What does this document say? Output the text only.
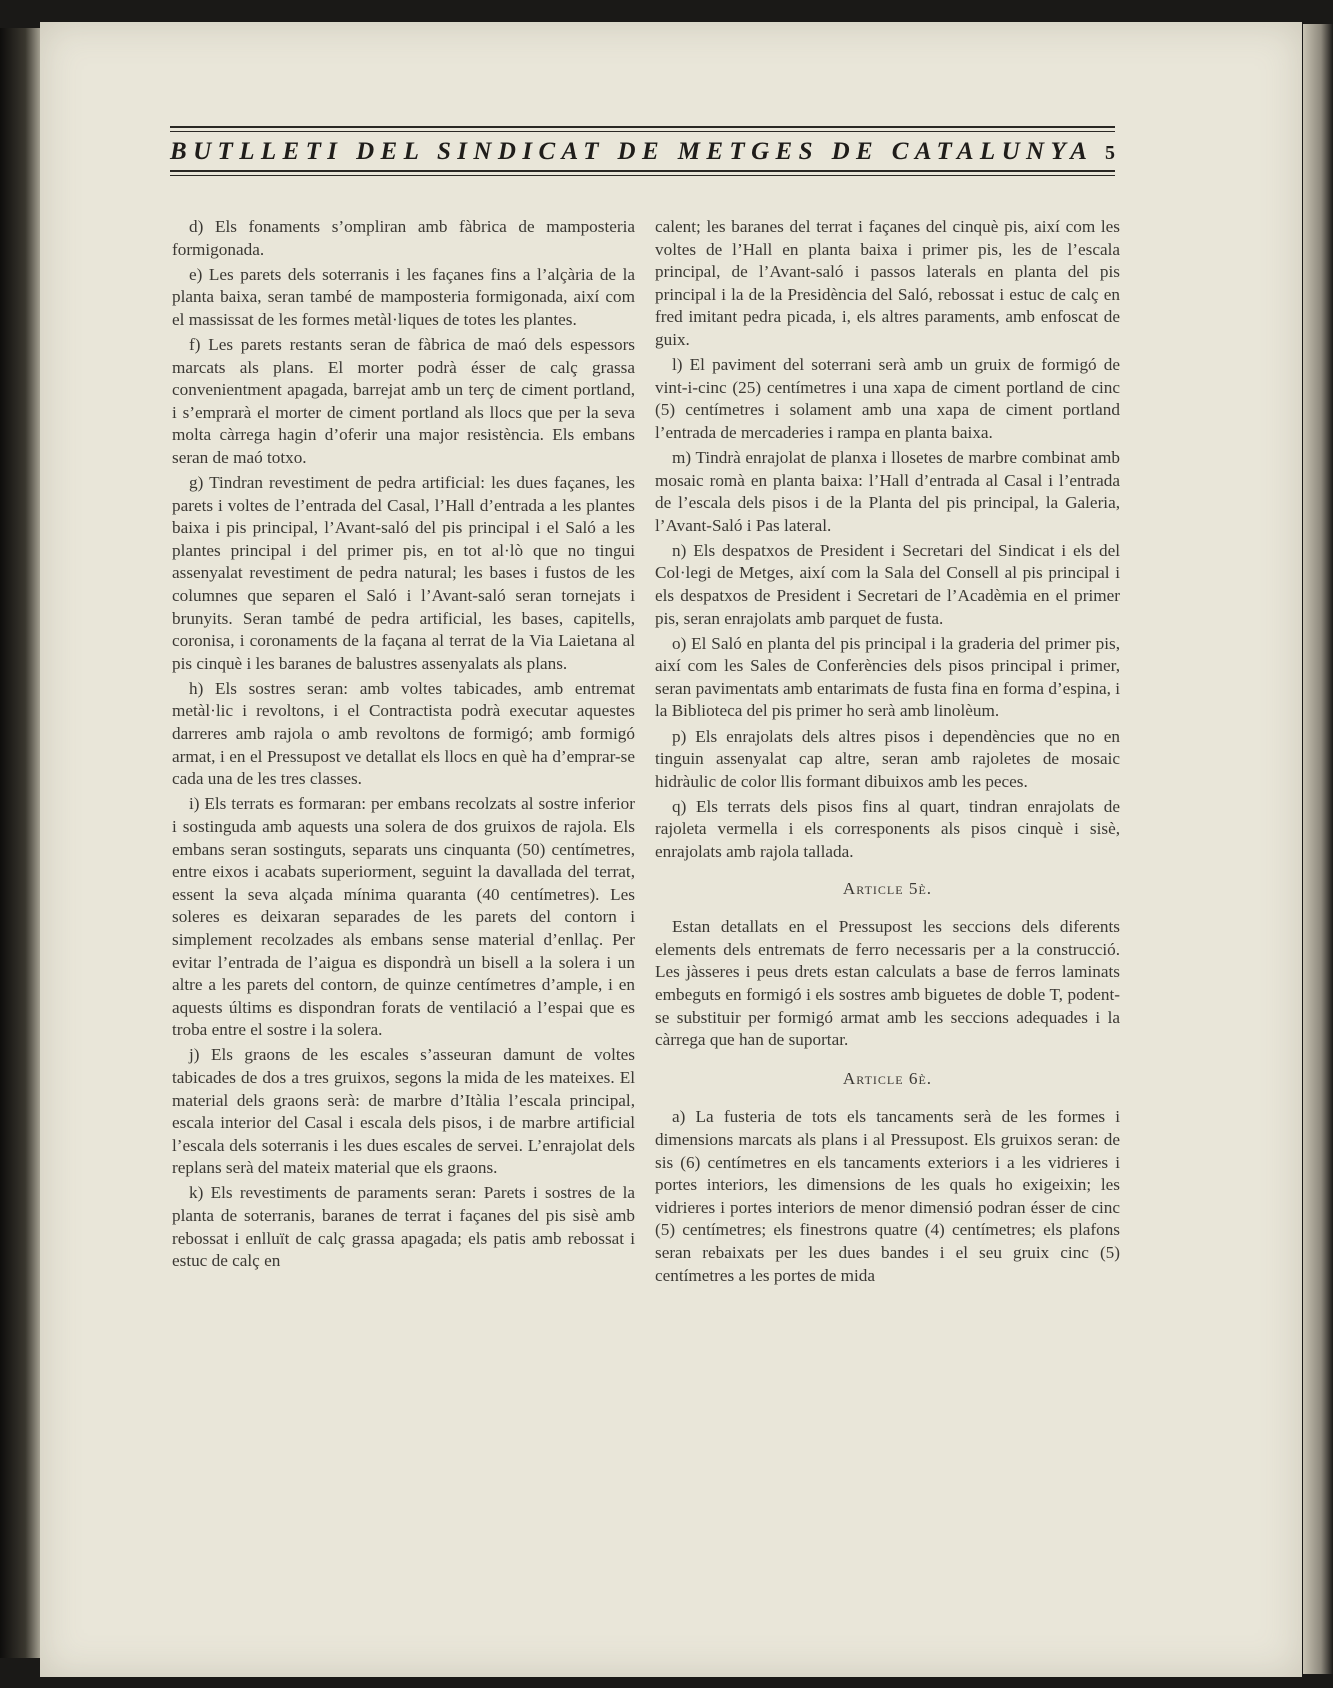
BUTLLETI DEL SINDICAT DE METGES DE CATALUNYA 5

d) Els fonaments s’ompliran amb fàbrica de mamposteria formigonada.

e) Les parets dels soterranis i les façanes fins a l’alçària de la planta baixa, seran també de mamposteria formigonada, així com el massissat de les formes metàl·liques de totes les plantes.

f) Les parets restants seran de fàbrica de maó dels espessors marcats als plans. El morter podrà ésser de calç grassa convenientment apagada, barrejat amb un terç de ciment portland, i s’emprarà el morter de ciment portland als llocs que per la seva molta càrrega hagin d’oferir una major resistència. Els embans seran de maó totxo.

g) Tindran revestiment de pedra artificial: les dues façanes, les parets i voltes de l’entrada del Casal, l’Hall d’entrada a les plantes baixa i pis principal, l’Avant-saló del pis principal i el Saló a les plantes principal i del primer pis, en tot al·lò que no tingui assenyalat revestiment de pedra natural; les bases i fustos de les columnes que separen el Saló i l’Avant-saló seran tornejats i brunyits. Seran també de pedra artificial, les bases, capitells, coronisa, i coronaments de la façana al terrat de la Via Laietana al pis cinquè i les baranes de balustres assenyalats als plans.

h) Els sostres seran: amb voltes tabicades, amb entremat metàl·lic i revoltons, i el Contractista podrà executar aquestes darreres amb rajola o amb revoltons de formigó; amb formigó armat, i en el Pressupost ve detallat els llocs en què ha d’emprar-se cada una de les tres classes.

i) Els terrats es formaran: per embans recolzats al sostre inferior i sostinguda amb aquests una solera de dos gruixos de rajola. Els embans seran sostinguts, separats uns cinquanta (50) centímetres, entre eixos i acabats superiorment, seguint la davallada del terrat, essent la seva alçada mínima quaranta (40 centímetres). Les soleres es deixaran separades de les parets del contorn i simplement recolzades als embans sense material d’enllaç. Per evitar l’entrada de l’aigua es dispondrà un bisell a la solera i un altre a les parets del contorn, de quinze centímetres d’ample, i en aquests últims es dispondran forats de ventilació a l’espai que es troba entre el sostre i la solera.

j) Els graons de les escales s’asseuran damunt de voltes tabicades de dos a tres gruixos, segons la mida de les mateixes. El material dels graons serà: de marbre d’Itàlia l’escala principal, escala interior del Casal i escala dels pisos, i de marbre artificial l’escala dels soterranis i les dues escales de servei. L’enrajolat dels replans serà del mateix material que els graons.

k) Els revestiments de paraments seran: Parets i sostres de la planta de soterranis, baranes de terrat i façanes del pis sisè amb rebossat i enlluït de calç grassa apagada; els patis amb rebossat i estuc de calç en

calent; les baranes del terrat i façanes del cinquè pis, així com les voltes de l’Hall en planta baixa i primer pis, les de l’escala principal, de l’Avant-saló i passos laterals en planta del pis principal i la de la Presidència del Saló, rebossat i estuc de calç en fred imitant pedra picada, i, els altres paraments, amb enfoscat de guix.

l) El paviment del soterrani serà amb un gruix de formigó de vint-i-cinc (25) centímetres i una xapa de ciment portland de cinc (5) centímetres i solament amb una xapa de ciment portland l’entrada de mercaderies i rampa en planta baixa.

m) Tindrà enrajolat de planxa i llosetes de marbre combinat amb mosaic romà en planta baixa: l’Hall d’entrada al Casal i l’entrada de l’escala dels pisos i de la Planta del pis principal, la Galeria, l’Avant-Saló i Pas lateral.

n) Els despatxos de President i Secretari del Sindicat i els del Col·legi de Metges, així com la Sala del Consell al pis principal i els despatxos de President i Secretari de l’Acadèmia en el primer pis, seran enrajolats amb parquet de fusta.

o) El Saló en planta del pis principal i la graderia del primer pis, així com les Sales de Conferències dels pisos principal i primer, seran pavimentats amb entarimats de fusta fina en forma d’espina, i la Biblioteca del pis primer ho serà amb linolèum.

p) Els enrajolats dels altres pisos i dependències que no en tinguin assenyalat cap altre, seran amb rajoletes de mosaic hidràulic de color llis formant dibuixos amb les peces.

q) Els terrats dels pisos fins al quart, tindran enrajolats de rajoleta vermella i els corresponents als pisos cinquè i sisè, enrajolats amb rajola tallada.

Article 5è.

Estan detallats en el Pressupost les seccions dels diferents elements dels entremats de ferro necessaris per a la construcció. Les jàsseres i peus drets estan calculats a base de ferros laminats embeguts en formigó i els sostres amb biguetes de doble T, podent-se substituir per formigó armat amb les seccions adequades i la càrrega que han de suportar.

Article 6è.

a) La fusteria de tots els tancaments serà de les formes i dimensions marcats als plans i al Pressupost. Els gruixos seran: de sis (6) centímetres en els tancaments exteriors i a les vidrieres i portes interiors, les dimensions de les quals ho exigeixin; les vidrieres i portes interiors de menor dimensió podran ésser de cinc (5) centímetres; els finestrons quatre (4) centímetres; els plafons seran rebaixats per les dues bandes i el seu gruix cinc (5) centímetres a les portes de mida
